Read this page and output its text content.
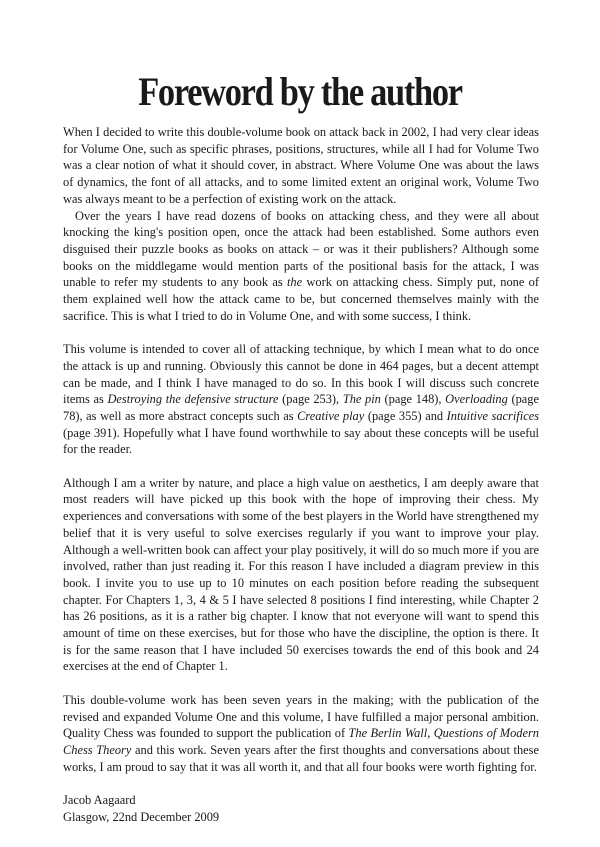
Foreword by the author

When I decided to write this double-volume book on attack back in 2002, I had very clear ideas for Volume One, such as specific phrases, positions, structures, while all I had for Volume Two was a clear notion of what it should cover, in abstract. Where Volume One was about the laws of dynamics, the font of all attacks, and to some limited extent an original work, Volume Two was always meant to be a perfection of existing work on the attack.

Over the years I have read dozens of books on attacking chess, and they were all about knocking the king's position open, once the attack had been established. Some authors even disguised their puzzle books as books on attack – or was it their publishers? Although some books on the middlegame would mention parts of the positional basis for the attack, I was unable to refer my students to any book as the work on attacking chess. Simply put, none of them explained well how the attack came to be, but concerned themselves mainly with the sacrifice. This is what I tried to do in Volume One, and with some success, I think.

This volume is intended to cover all of attacking technique, by which I mean what to do once the attack is up and running. Obviously this cannot be done in 464 pages, but a decent attempt can be made, and I think I have managed to do so. In this book I will discuss such concrete items as Destroying the defensive structure (page 253), The pin (page 148), Overloading (page 78), as well as more abstract concepts such as Creative play (page 355) and Intuitive sacrifices (page 391). Hopefully what I have found worthwhile to say about these concepts will be useful for the reader.

Although I am a writer by nature, and place a high value on aesthetics, I am deeply aware that most readers will have picked up this book with the hope of improving their chess. My experiences and conversations with some of the best players in the World have strengthened my belief that it is very useful to solve exercises regularly if you want to improve your play. Although a well-written book can affect your play positively, it will do so much more if you are involved, rather than just reading it. For this reason I have included a diagram preview in this book. I invite you to use up to 10 minutes on each position before reading the subsequent chapter. For Chapters 1, 3, 4 & 5 I have selected 8 positions I find interesting, while Chapter 2 has 26 positions, as it is a rather big chapter. I know that not everyone will want to spend this amount of time on these exercises, but for those who have the discipline, the option is there. It is for the same reason that I have included 50 exercises towards the end of this book and 24 exercises at the end of Chapter 1.

This double-volume work has been seven years in the making; with the publication of the revised and expanded Volume One and this volume, I have fulfilled a major personal ambition. Quality Chess was founded to support the publication of The Berlin Wall, Questions of Modern Chess Theory and this work. Seven years after the first thoughts and conversations about these works, I am proud to say that it was all worth it, and that all four books were worth fighting for.

Jacob Aagaard
Glasgow, 22nd December 2009
